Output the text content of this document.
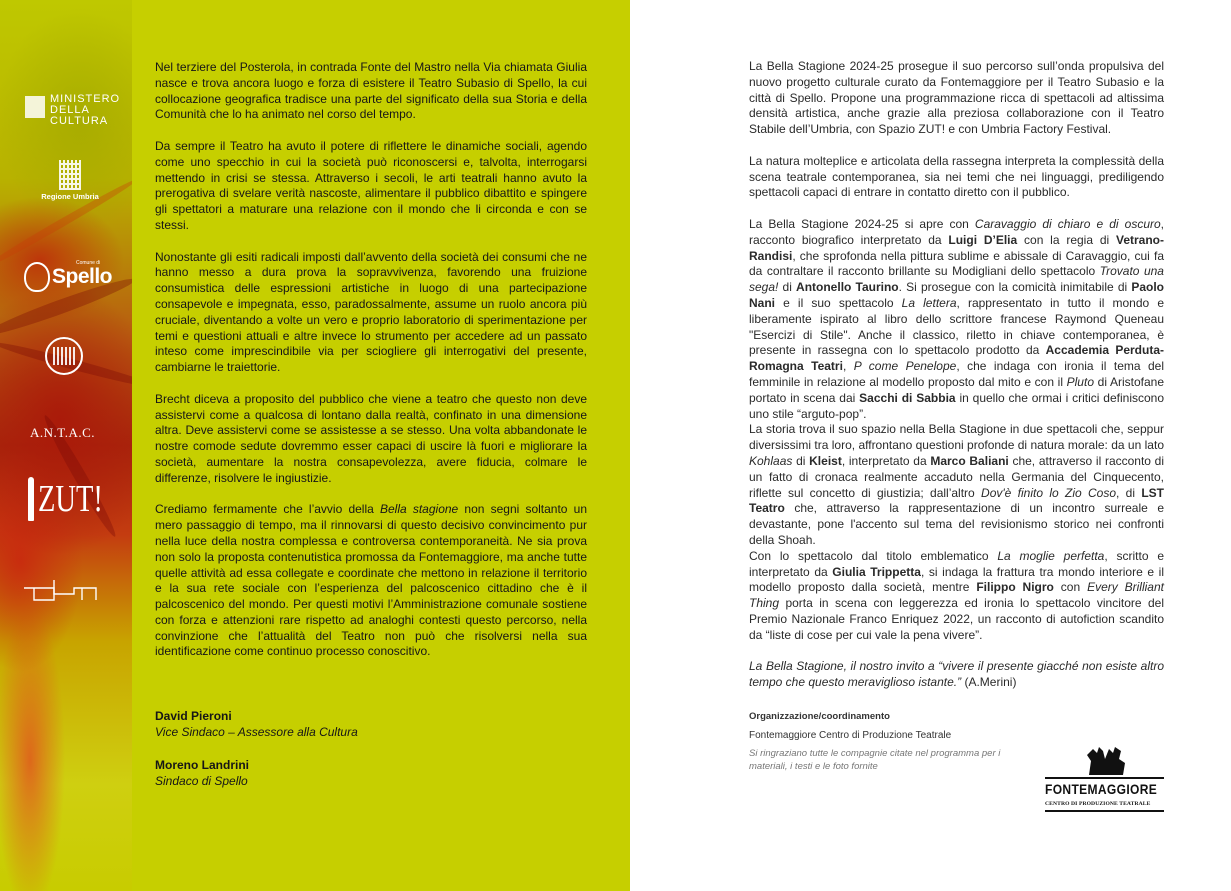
MINISTERO
DELLA
CULTURA
Regione Umbria
Comune di
Spello
A.N.T.A.C.
ZUT!

Nel terziere del Posterola, in contrada Fonte del Mastro nella Via chiamata Giulia nasce e trova ancora luogo e forza di esistere il Teatro Subasio di Spello, la cui collocazione geografica tradisce una parte del significato della sua Storia e della Comunità che lo ha animato nel corso del tempo.

Da sempre il Teatro ha avuto il potere di riflettere le dinamiche sociali, agendo come uno specchio in cui la società può riconoscersi e, talvolta, interrogarsi mettendo in crisi se stessa. Attraverso i secoli, le arti teatrali hanno avuto la prerogativa di svelare verità nascoste, alimentare il pubblico dibattito e spingere gli spettatori a maturare una relazione con il mondo che li circonda e con se stessi.

Nonostante gli esiti radicali imposti dall’avvento della società dei consumi che ne hanno messo a dura prova la sopravvivenza, favorendo una fruizione consumistica delle espressioni artistiche in luogo di una partecipazione consapevole e impegnata, esso, paradossalmente, assume un ruolo ancora più cruciale, diventando a volte un vero e proprio laboratorio di sperimentazione per temi e questioni attuali e altre invece lo strumento per accedere ad un passato inteso come imprescindibile via per sciogliere gli interrogativi del presente, cambiarne le traiettorie.

Brecht diceva a proposito del pubblico che viene a teatro che questo non deve assistervi come a qualcosa di lontano dalla realtà, confinato in una dimensione altra. Deve assistervi come se assistesse a se stesso. Una volta abbandonate le nostre comode sedute dovremmo esser capaci di uscire là fuori e migliorare la società, aumentare la nostra consapevolezza, avere fiducia, colmare le differenze, risolvere le ingiustizie.

Crediamo fermamente che l’avvio della Bella stagione non segni soltanto un mero passaggio di tempo, ma il rinnovarsi di questo decisivo convincimento pur nella luce della nostra complessa e controversa contemporaneità. Ne sia prova non solo la proposta contenutistica promossa da Fontemaggiore, ma anche tutte quelle attività ad essa collegate e coordinate che mettono in relazione il territorio e la sua rete sociale con l’esperienza del palcoscenico cittadino che è il palcoscenico del mondo. Per questi motivi l’Amministrazione comunale sostiene con forza e attenzioni rare rispetto ad analoghi contesti questo percorso, nella convinzione che l’attualità del Teatro non può che risolversi nella sua identificazione come continuo processo conoscitivo.

David Pieroni
Vice Sindaco – Assessore alla Cultura
Moreno Landrini
Sindaco di Spello

La Bella Stagione 2024-25 prosegue il suo percorso sull’onda propulsiva del nuovo progetto culturale curato da Fontemaggiore per il Teatro Subasio e la città di Spello. Propone una programmazione ricca di spettacoli ad altissima densità artistica, anche grazie alla preziosa collaborazione con il Teatro Stabile dell’Umbria, con Spazio ZUT! e con Umbria Factory Festival.

La natura molteplice e articolata della rassegna interpreta la complessità della scena teatrale contemporanea, sia nei temi che nei linguaggi, prediligendo spettacoli capaci di entrare in contatto diretto con il pubblico.

La Bella Stagione 2024-25 si apre con Caravaggio di chiaro e di oscuro, racconto biografico interpretato da Luigi D’Elia con la regia di Vetrano-Randisi, che sprofonda nella pittura sublime e abissale di Caravaggio, cui fa da contraltare il racconto brillante su Modigliani dello spettacolo Trovato una sega! di Antonello Taurino. Si prosegue con la comicità inimitabile di Paolo Nani e il suo spettacolo La lettera, rappresentato in tutto il mondo e liberamente ispirato al libro dello scrittore francese Raymond Queneau "Esercizi di Stile". Anche il classico, riletto in chiave contemporanea, è presente in rassegna con lo spettacolo prodotto da Accademia Perduta-Romagna Teatri, P come Penelope, che indaga con ironia il tema del femminile in relazione al modello proposto dal mito e con il Pluto di Aristofane portato in scena dai Sacchi di Sabbia in quello che ormai i critici definiscono uno stile “arguto-pop”.

La storia trova il suo spazio nella Bella Stagione in due spettacoli che, seppur diversissimi tra loro, affrontano questioni profonde di natura morale: da un lato Kohlaas di Kleist, interpretato da Marco Baliani che, attraverso il racconto di un fatto di cronaca realmente accaduto nella Germania del Cinquecento, riflette sul concetto di giustizia; dall’altro Dov'è finito lo Zio Coso, di LST Teatro che, attraverso la rappresentazione di un incontro surreale e devastante, pone l'accento sul tema del revisionismo storico nei confronti della Shoah.

Con lo spettacolo dal titolo emblematico La moglie perfetta, scritto e interpretato da Giulia Trippetta, si indaga la frattura tra mondo interiore e il modello proposto dalla società, mentre Filippo Nigro con Every Brilliant Thing porta in scena con leggerezza ed ironia lo spettacolo vincitore del Premio Nazionale Franco Enriquez 2022, un racconto di autofiction scandito da “liste di cose per cui vale la pena vivere”.

La Bella Stagione, il nostro invito a “vivere il presente giacché non esiste altro tempo che questo meraviglioso istante.” (A.Merini)

Organizzazione/coordinamento
Fontemaggiore Centro di Produzione Teatrale
Si ringraziano tutte le compagnie citate nel programma per i materiali, i testi e le foto fornite
FONTEMAGGIORE
CENTRO DI PRODUZIONE TEATRALE
